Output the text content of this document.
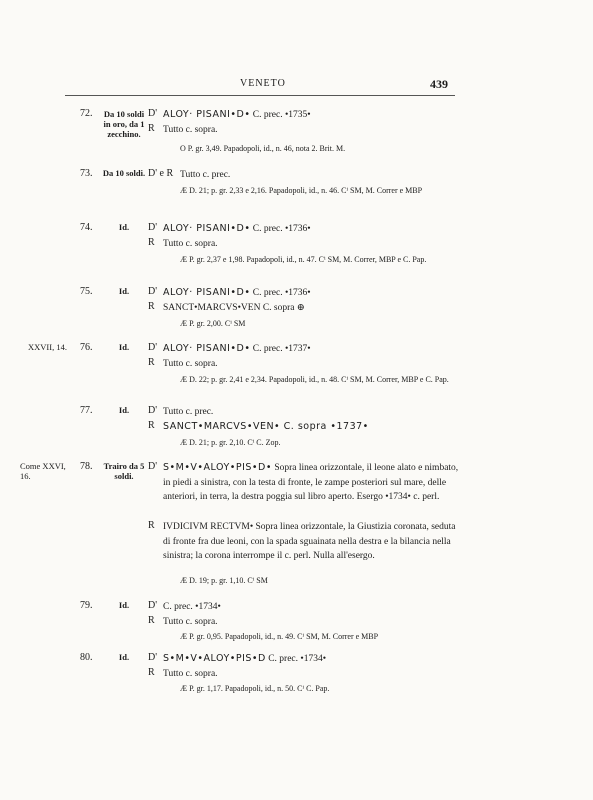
VENETO	439
72.	Da 10 soldi in oro, da 1 zecchino.
D' ALOY· PISANI•D• C. prec. •1735•
R Tutto c. sopra.
O P. gr. 3,49. Papadopoli, id., n. 46, nota 2. Brit. M.
73.	Da 10 soldi. D' e R Tutto c. prec.
Æ D. 21; p. gr. 2,33 e 2,16. Papadopoli, id., n. 46. Cⁱ SM, M. Correr e MBP
74.	Id.	D' ALOY· PISANI•D• C. prec. •1736•
R Tutto c. sopra.
Æ P. gr. 2,37 e 1,98. Papadopoli, id., n. 47. Cⁱ SM, M. Correr, MBP e C. Pap.
75.	Id.	D' ALOY· PISANI•D• C. prec. •1736•
R SANCT•MARCVS•VEN C. sopra ⊕
Æ P. gr. 2,00. Cⁱ SM
XXVII, 14.	76.	Id.	D' ALOY· PISANI•D• C. prec. •1737•
R Tutto c. sopra.
Æ D. 22; p. gr. 2,41 e 2,34. Papadopoli, id., n. 48. Cⁱ SM, M. Correr, MBP e C. Pap.
77.	Id.	D' Tutto c. prec.
R SANCT•MARCVS•VEN• C. sopra •1737•
Æ D. 21; p. gr. 2,10. Cⁱ C. Zop.
Come XXVI, 16.
78.	Trairo da 5 soldi.
D' S•M•V•ALOY•PIS•D• Sopra linea orizzontale, il leone alato e nimbato, in piedi a sinistra, con la testa di fronte, le zampe posteriori sul mare, delle anteriori, in terra, la destra poggia sul libro aperto. Esergo •1734• c. perl.
R IVDICIVM RECTVM• Sopra linea orizzontale, la Giustizia coronata, seduta di fronte fra due leoni, con la spada sguainata nella destra e la bilancia nella sinistra; la corona interrompe il c. perl. Nulla all'esergo.
Æ D. 19; p. gr. 1,10. Cⁱ SM
79.	Id.	D' C. prec. •1734•
R Tutto c. sopra.
Æ P. gr. 0,95. Papadopoli, id., n. 49. Cⁱ SM, M. Correr e MBP
80.	Id.	D' S•M•V•ALOY•PIS•D C. prec. •1734•
R Tutto c. sopra.
Æ P. gr. 1,17. Papadopoli, id., n. 50. Cⁱ C. Pap.
